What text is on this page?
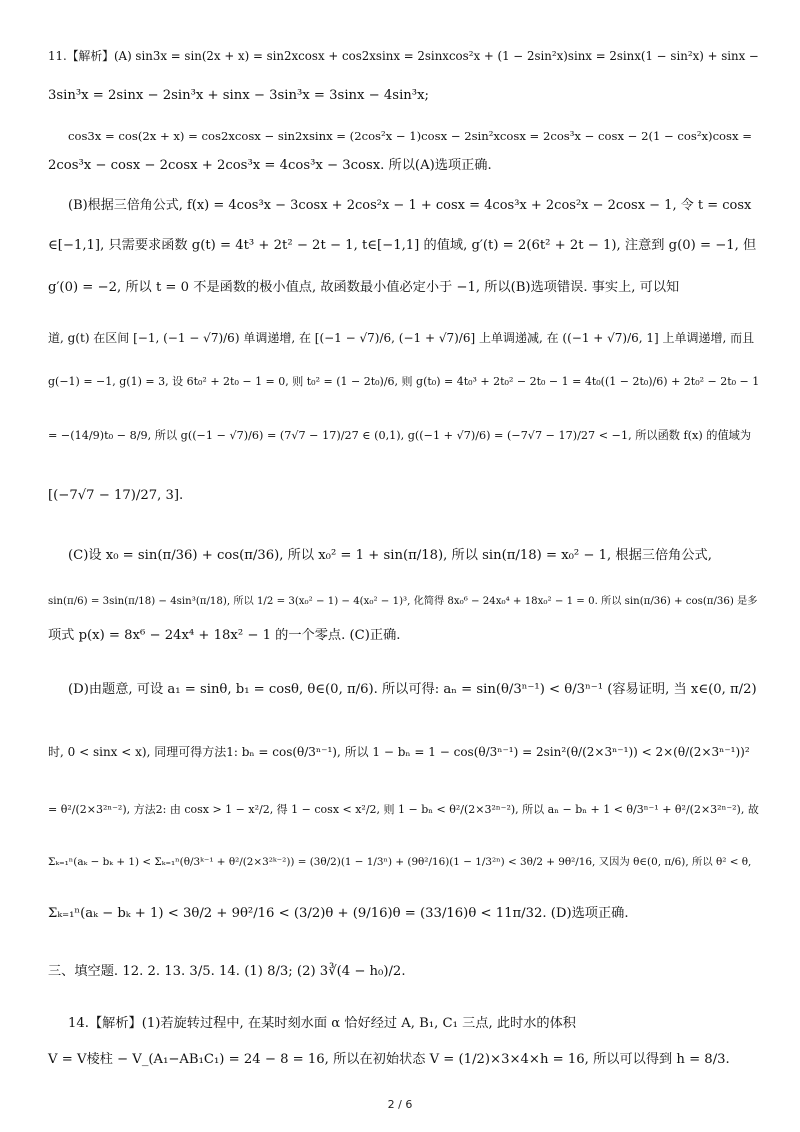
11.【解析】(A) sin3x = sin(2x + x) = sin2xcosx + cos2xsinx = 2sinxcos²x + (1 − 2sin²x)sinx = 2sinx(1 − sin²x) + sinx −
3sin³x = 2sinx − 2sin³x + sinx − 3sin³x = 3sinx − 4sin³x;
cos3x = cos(2x + x) = cos2xcosx − sin2xsinx = (2cos²x − 1)cosx − 2sin²xcosx = 2cos³x − cosx − 2(1 − cos²x)cosx =
2cos³x − cosx − 2cosx + 2cos³x = 4cos³x − 3cosx. 所以(A)选项正确.
(B)根据三倍角公式, f(x) = 4cos³x − 3cosx + 2cos²x − 1 + cosx = 4cos³x + 2cos²x − 2cosx − 1, 令 t = cosx
∈[−1,1], 只需要求函数 g(t) = 4t³ + 2t² − 2t − 1, t∈[−1,1] 的值域, g′(t) = 2(6t² + 2t − 1), 注意到 g(0) = −1, 但
g′(0) = −2, 所以 t = 0 不是函数的极小值点, 故函数最小值必定小于 −1, 所以(B)选项错误. 事实上, 可以知
道, g(t) 在区间 [−1, (−1 − √7)/6) 单调递增, 在 [(−1 − √7)/6, (−1 + √7)/6] 上单调递减, 在 ((−1 + √7)/6, 1] 上单调递增, 而且
g(−1) = −1, g(1) = 3, 设 6t₀² + 2t₀ − 1 = 0, 则 t₀² = (1 − 2t₀)/6, 则 g(t₀) = 4t₀³ + 2t₀² − 2t₀ − 1 = 4t₀((1 − 2t₀)/6) + 2t₀² − 2t₀ − 1
= −(14/9)t₀ − 8/9, 所以 g((−1 − √7)/6) = (7√7 − 17)/27 ∈ (0,1), g((−1 + √7)/6) = (−7√7 − 17)/27 < −1, 所以函数 f(x) 的值域为
[(−7√7 − 17)/27, 3].
(C)设 x₀ = sin(π/36) + cos(π/36), 所以 x₀² = 1 + sin(π/18), 所以 sin(π/18) = x₀² − 1, 根据三倍角公式,
sin(π/6) = 3sin(π/18) − 4sin³(π/18), 所以 1/2 = 3(x₀² − 1) − 4(x₀² − 1)³, 化简得 8x₀⁶ − 24x₀⁴ + 18x₀² − 1 = 0. 所以 sin(π/36) + cos(π/36) 是多
项式 p(x) = 8x⁶ − 24x⁴ + 18x² − 1 的一个零点. (C)正确.
(D)由题意, 可设 a₁ = sinθ, b₁ = cosθ, θ∈(0, π/6). 所以可得: aₙ = sin(θ/3ⁿ⁻¹) < θ/3ⁿ⁻¹ (容易证明, 当 x∈(0, π/2)
时, 0 < sinx < x), 同理可得方法1: bₙ = cos(θ/3ⁿ⁻¹), 所以 1 − bₙ = 1 − cos(θ/3ⁿ⁻¹) = 2sin²(θ/(2×3ⁿ⁻¹)) < 2×(θ/(2×3ⁿ⁻¹))²
= θ²/(2×3²ⁿ⁻²), 方法2: 由 cosx > 1 − x²/2, 得 1 − cosx < x²/2, 则 1 − bₙ < θ²/(2×3²ⁿ⁻²), 所以 aₙ − bₙ + 1 < θ/3ⁿ⁻¹ + θ²/(2×3²ⁿ⁻²), 故
Σₖ₌₁ⁿ(aₖ − bₖ + 1) < Σₖ₌₁ⁿ(θ/3ᵏ⁻¹ + θ²/(2×3²ᵏ⁻²)) = (3θ/2)(1 − 1/3ⁿ) + (9θ²/16)(1 − 1/3²ⁿ) < 3θ/2 + 9θ²/16, 又因为 θ∈(0, π/6), 所以 θ² < θ,
Σₖ₌₁ⁿ(aₖ − bₖ + 1) < 3θ/2 + 9θ²/16 < (3/2)θ + (9/16)θ = (33/16)θ < 11π/32. (D)选项正确.
三、填空题. 12. 2. 13. 3/5. 14. (1) 8/3; (2) 3∛(4 − h₀)/2.
14.【解析】(1)若旋转过程中, 在某时刻水面 α 恰好经过 A, B₁, C₁ 三点, 此时水的体积
V = V棱柱 − V_(A₁−AB₁C₁) = 24 − 8 = 16, 所以在初始状态 V = (1/2)×3×4×h = 16, 所以可以得到 h = 8/3.
2 / 6
